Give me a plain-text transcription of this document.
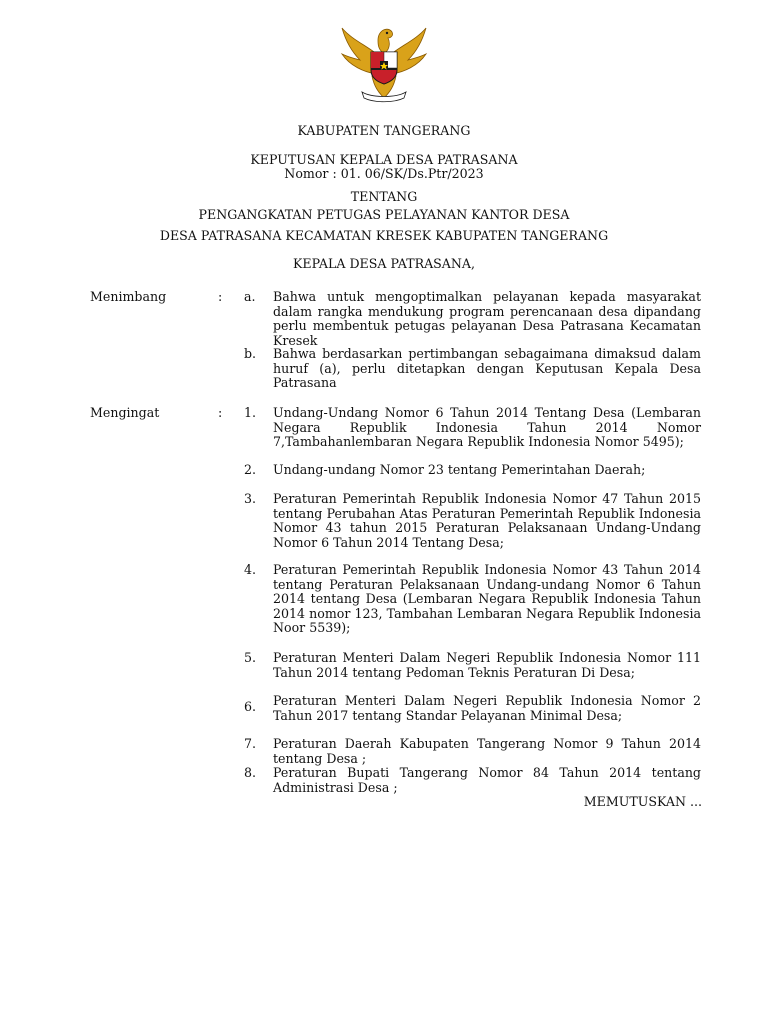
KABUPATEN TANGERANG
KEPUTUSAN KEPALA DESA PATRASANA
Nomor : 01. 06/SK/Ds.Ptr/2023
TENTANG
PENGANGKATAN PETUGAS PELAYANAN KANTOR DESA
DESA PATRASANA KECAMATAN KRESEK KABUPATEN TANGERANG
KEPALA DESA PATRASANA,
Menimbang	: a. Bahwa untuk mengoptimalkan pelayanan kepada masyarakat dalam rangka mendukung program perencanaan desa dipandang perlu membentuk petugas pelayanan Desa Patrasana Kecamatan Kresek
b. Bahwa berdasarkan pertimbangan sebagaimana dimaksud dalam huruf (a), perlu ditetapkan dengan Keputusan Kepala Desa Patrasana
Mengingat	: 1. Undang-Undang Nomor 6 Tahun 2014 Tentang Desa (Lembaran Negara Republik Indonesia Tahun 2014 Nomor 7,Tambahanlembaran Negara Republik Indonesia Nomor 5495);
2. Undang-undang Nomor 23 tentang Pemerintahan Daerah;
3. Peraturan Pemerintah Republik Indonesia Nomor 47 Tahun 2015 tentang Perubahan Atas Peraturan Pemerintah Republik Indonesia Nomor 43 tahun 2015 Peraturan Pelaksanaan Undang-Undang Nomor 6 Tahun 2014 Tentang Desa;
4. Peraturan Pemerintah Republik Indonesia Nomor 43 Tahun 2014 tentang Peraturan Pelaksanaan Undang-undang Nomor 6 Tahun 2014 tentang Desa (Lembaran Negara Republik Indonesia Tahun 2014 nomor 123, Tambahan Lembaran Negara Republik Indonesia Noor 5539);
5. Peraturan Menteri Dalam Negeri Republik Indonesia Nomor 111 Tahun 2014 tentang Pedoman Teknis Peraturan Di Desa;
6. Peraturan Menteri Dalam Negeri Republik Indonesia Nomor 2 Tahun 2017 tentang Standar Pelayanan Minimal Desa;
7. Peraturan Daerah Kabupaten Tangerang Nomor 9 Tahun 2014 tentang Desa ;
8. Peraturan Bupati Tangerang Nomor 84 Tahun 2014 tentang Administrasi Desa ;
MEMUTUSKAN ...
